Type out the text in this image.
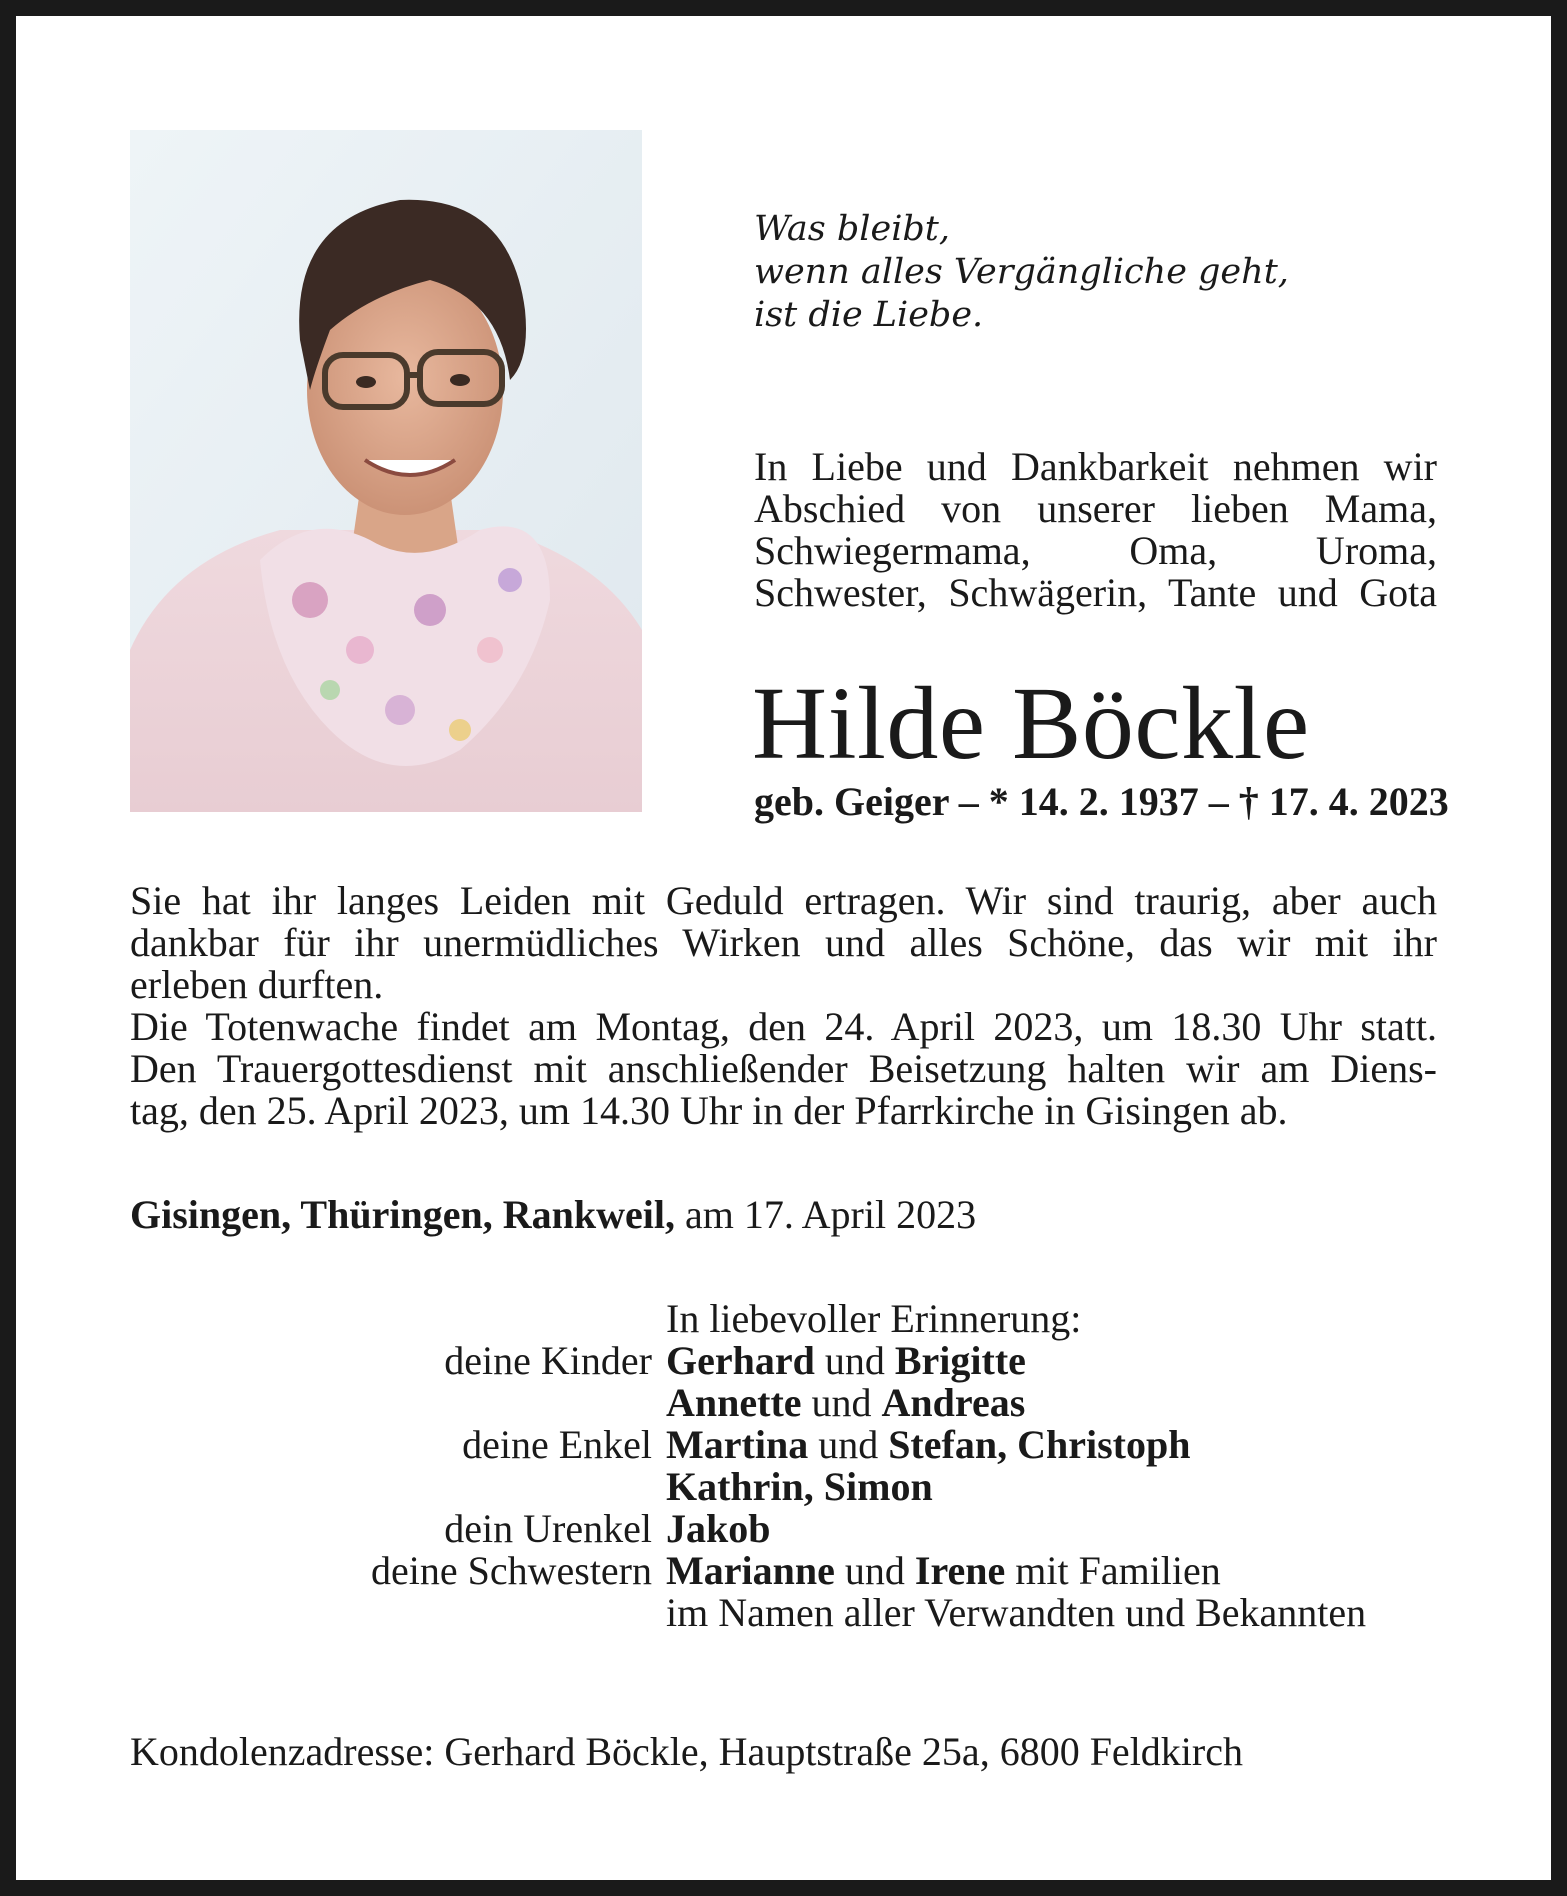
Was bleibt,
wenn alles Vergängliche geht,
ist die Liebe.
In Liebe und Dankbarkeit nehmen wir
Abschied von unserer lieben Mama,
Schwiegermama, Oma, Uroma,
Schwester, Schwägerin, Tante und Gota
Hilde Böckle
geb. Geiger – * 14. 2. 1937 – † 17. 4. 2023
Sie hat ihr langes Leiden mit Geduld ertragen. Wir sind traurig, aber auch
dankbar für ihr unermüdliches Wirken und alles Schöne, das wir mit ihr
erleben durften.
Die Totenwache findet am Montag, den 24. April 2023, um 18.30 Uhr statt.
Den Trauergottesdienst mit anschließender Beisetzung halten wir am Diens-
tag, den 25. April 2023, um 14.30 Uhr in der Pfarrkirche in Gisingen ab.
Gisingen, Thüringen, Rankweil, am 17. April 2023
In liebevoller Erinnerung:
deine Kinder Gerhard und Brigitte
Annette und Andreas
deine Enkel Martina und Stefan, Christoph
Kathrin, Simon
dein Urenkel Jakob
deine Schwestern Marianne und Irene mit Familien
im Namen aller Verwandten und Bekannten
Kondolenzadresse: Gerhard Böckle, Hauptstraße 25a, 6800 Feldkirch
